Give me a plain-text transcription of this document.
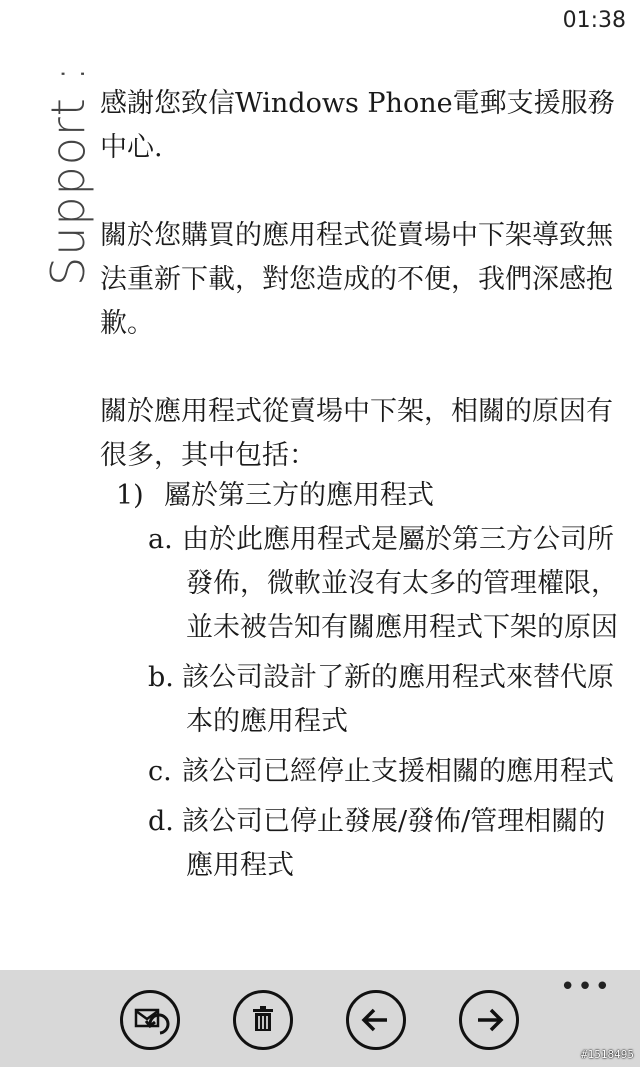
01:38
Support : 感謝您致信Windows Phone電郵支援服務中心.
關於您購買的應用程式從賣場中下架導致無法重新下載，對您造成的不便，我們深感抱歉。
關於應用程式從賣場中下架，相關的原因有很多，其中包括：
1) 屬於第三方的應用程式
a. 由於此應用程式是屬於第三方公司所發佈，微軟並沒有太多的管理權限，並未被告知有關應用程式下架的原因
b. 該公司設計了新的應用程式來替代原本的應用程式
c. 該公司已經停止支援相關的應用程式
d. 該公司已停止發展/發佈/管理相關的應用程式
•••
#1518495
